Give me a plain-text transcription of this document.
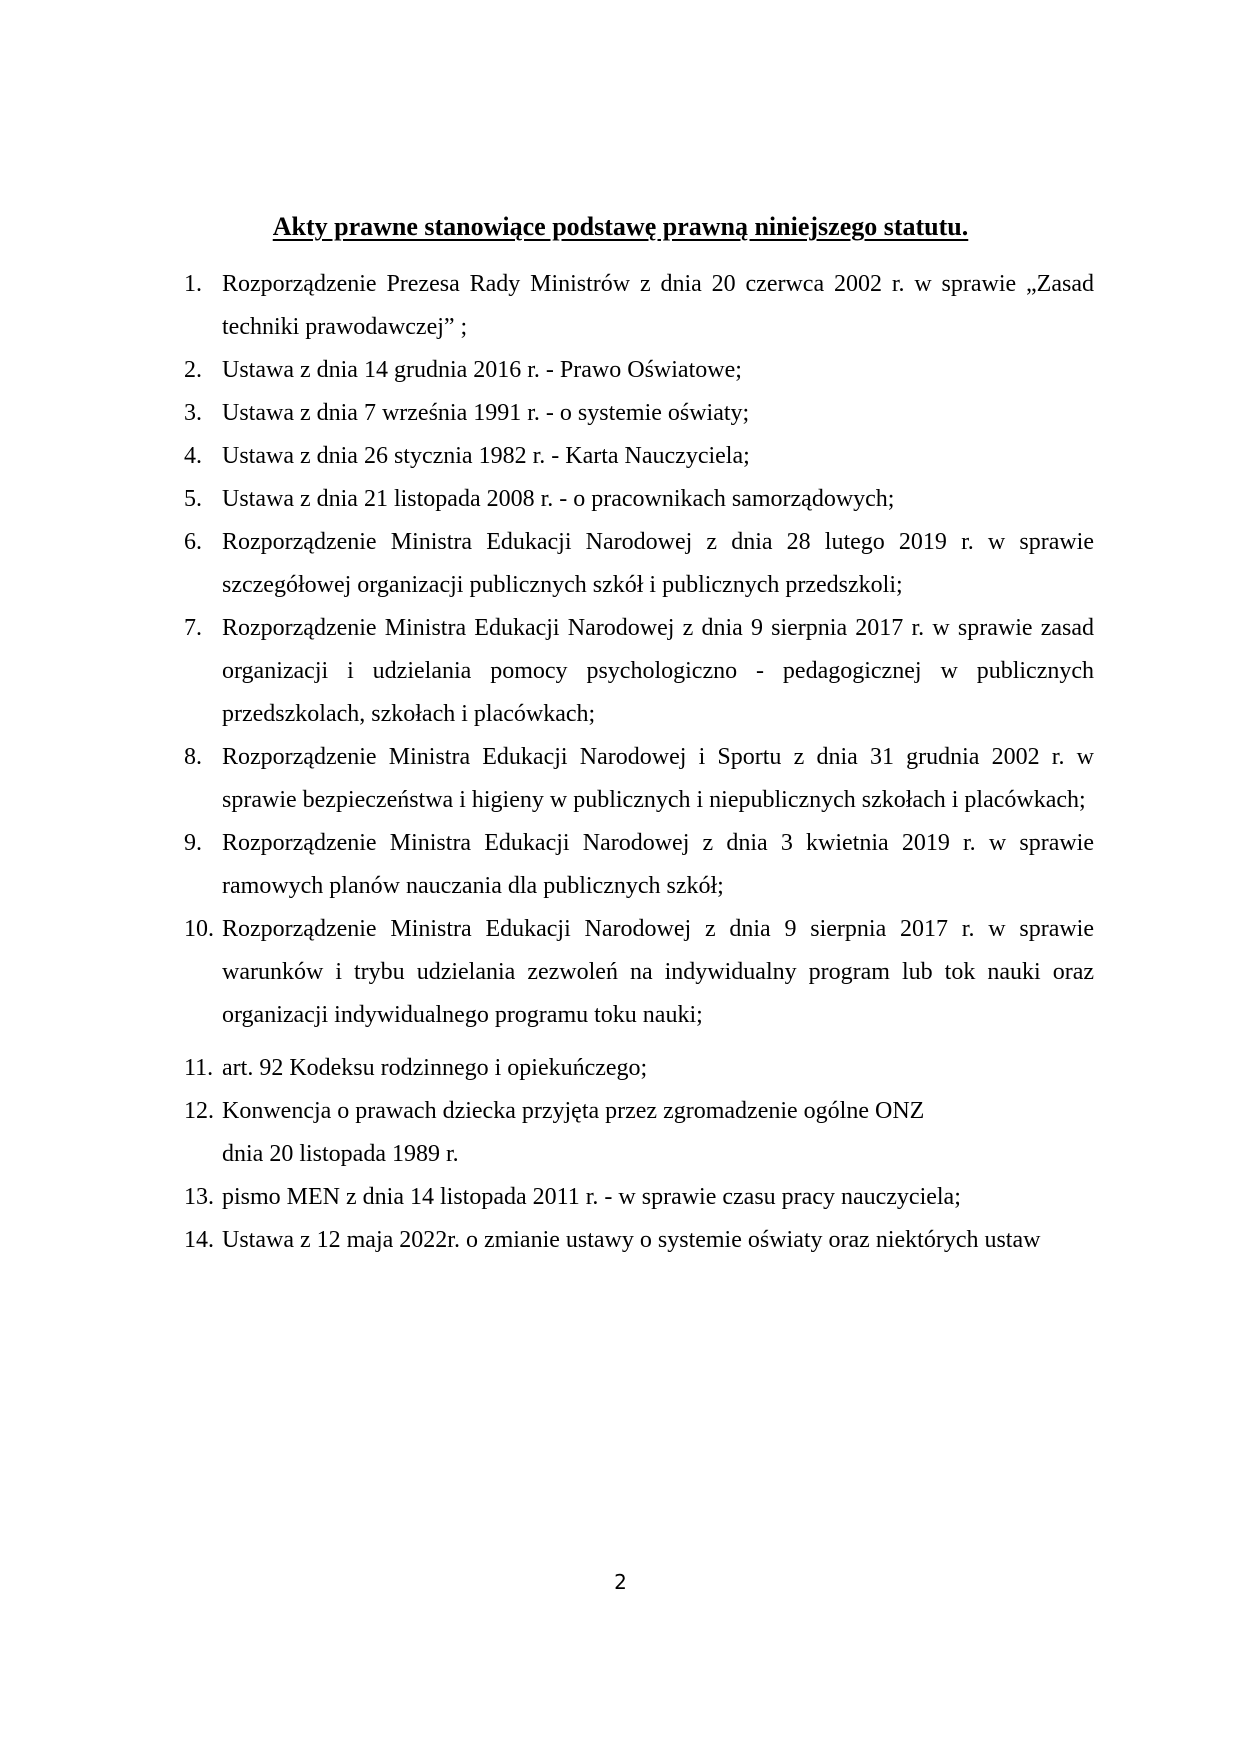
Akty prawne stanowiące podstawę prawną niniejszego statutu.
1. Rozporządzenie Prezesa Rady Ministrów z dnia 20 czerwca 2002 r. w sprawie „Zasad techniki prawodawczej” ;
2. Ustawa z dnia 14 grudnia 2016 r. - Prawo Oświatowe;
3. Ustawa z dnia 7 września 1991 r. - o systemie oświaty;
4. Ustawa z dnia 26 stycznia 1982 r. - Karta Nauczyciela;
5. Ustawa z dnia 21 listopada 2008 r. - o pracownikach samorządowych;
6. Rozporządzenie Ministra Edukacji Narodowej z dnia 28 lutego 2019 r. w sprawie szczegółowej organizacji publicznych szkół i publicznych przedszkoli;
7. Rozporządzenie Ministra Edukacji Narodowej z dnia 9 sierpnia 2017 r. w sprawie zasad organizacji i udzielania pomocy psychologiczno - pedagogicznej w publicznych przedszkolach, szkołach i placówkach;
8. Rozporządzenie Ministra Edukacji Narodowej i Sportu z dnia 31 grudnia 2002 r. w sprawie bezpieczeństwa i higieny w publicznych i niepublicznych szkołach i placówkach;
9. Rozporządzenie Ministra Edukacji Narodowej z dnia 3 kwietnia 2019 r. w sprawie ramowych planów nauczania dla publicznych szkół;
10. Rozporządzenie Ministra Edukacji Narodowej z dnia 9 sierpnia 2017 r. w sprawie warunków i trybu udzielania zezwoleń na indywidualny program lub tok nauki oraz organizacji indywidualnego programu toku nauki;
11. art. 92 Kodeksu rodzinnego i opiekuńczego;
12. Konwencja o prawach dziecka przyjęta przez zgromadzenie ogólne ONZ
dnia 20 listopada 1989 r.
13. pismo MEN z dnia 14 listopada 2011 r. - w sprawie czasu pracy nauczyciela;
14. Ustawa z 12 maja 2022r. o zmianie ustawy o systemie oświaty oraz niektórych ustaw
2
